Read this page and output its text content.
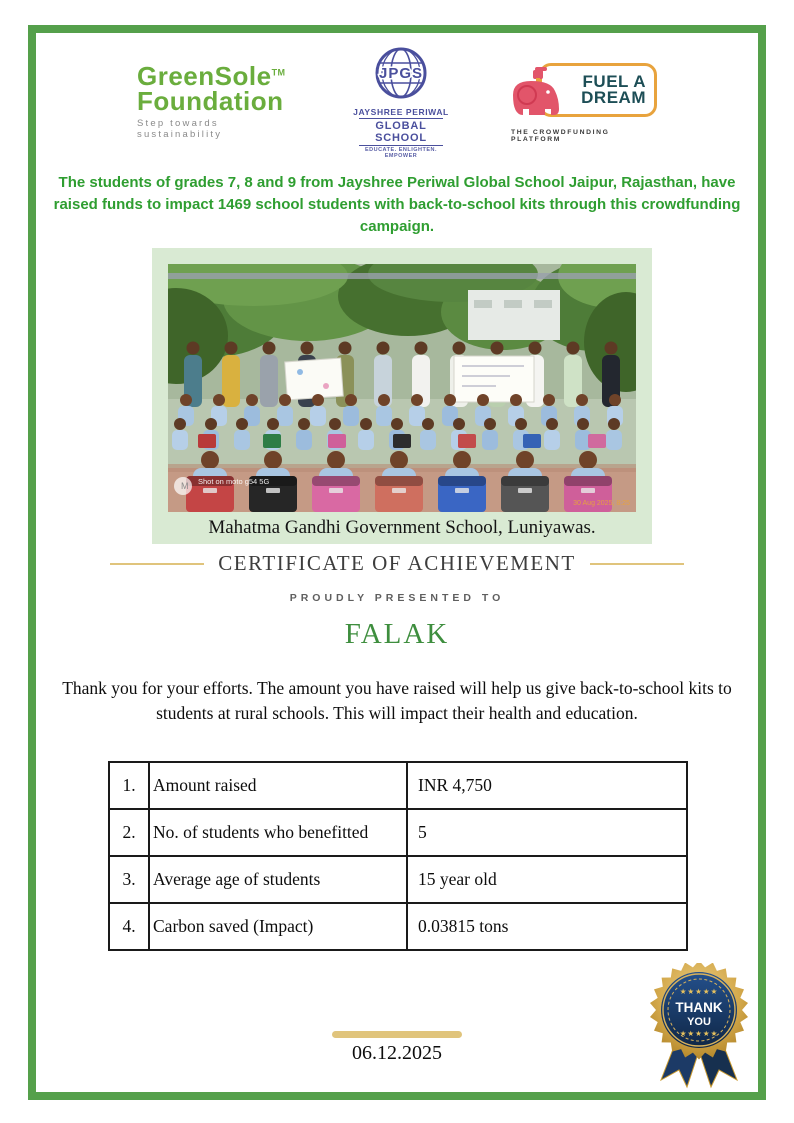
GreenSole™
Foundation
Step towards sustainability
JPGS
JAYSHREE PERIWAL
GLOBAL SCHOOL
EDUCATE. ENLIGHTEN. EMPOWER
FUEL A
DREAM
THE CROWDFUNDING PLATFORM
The students of grades 7, 8 and 9 from Jayshree Periwal Global School Jaipur, Rajasthan, have raised funds to impact 1469 school students with back-to-school kits through this crowdfunding campaign.
M Shot on moto g54 5G
30 Aug 2025, 8:25
Mahatma Gandhi Government School, Luniyawas.
CERTIFICATE OF ACHIEVEMENT
PROUDLY PRESENTED TO
FALAK
Thank you for your efforts. The amount you have raised will help us give back-to-school kits to students at rural schools. This will impact their health and education.
1.	Amount raised	INR 4,750
2.	No. of students who benefitted	5
3.	Average age of students	15 year old
4.	Carbon saved (Impact)	0.03815 tons
06.12.2025
★★★★★
THANK
YOU
★★★★★
